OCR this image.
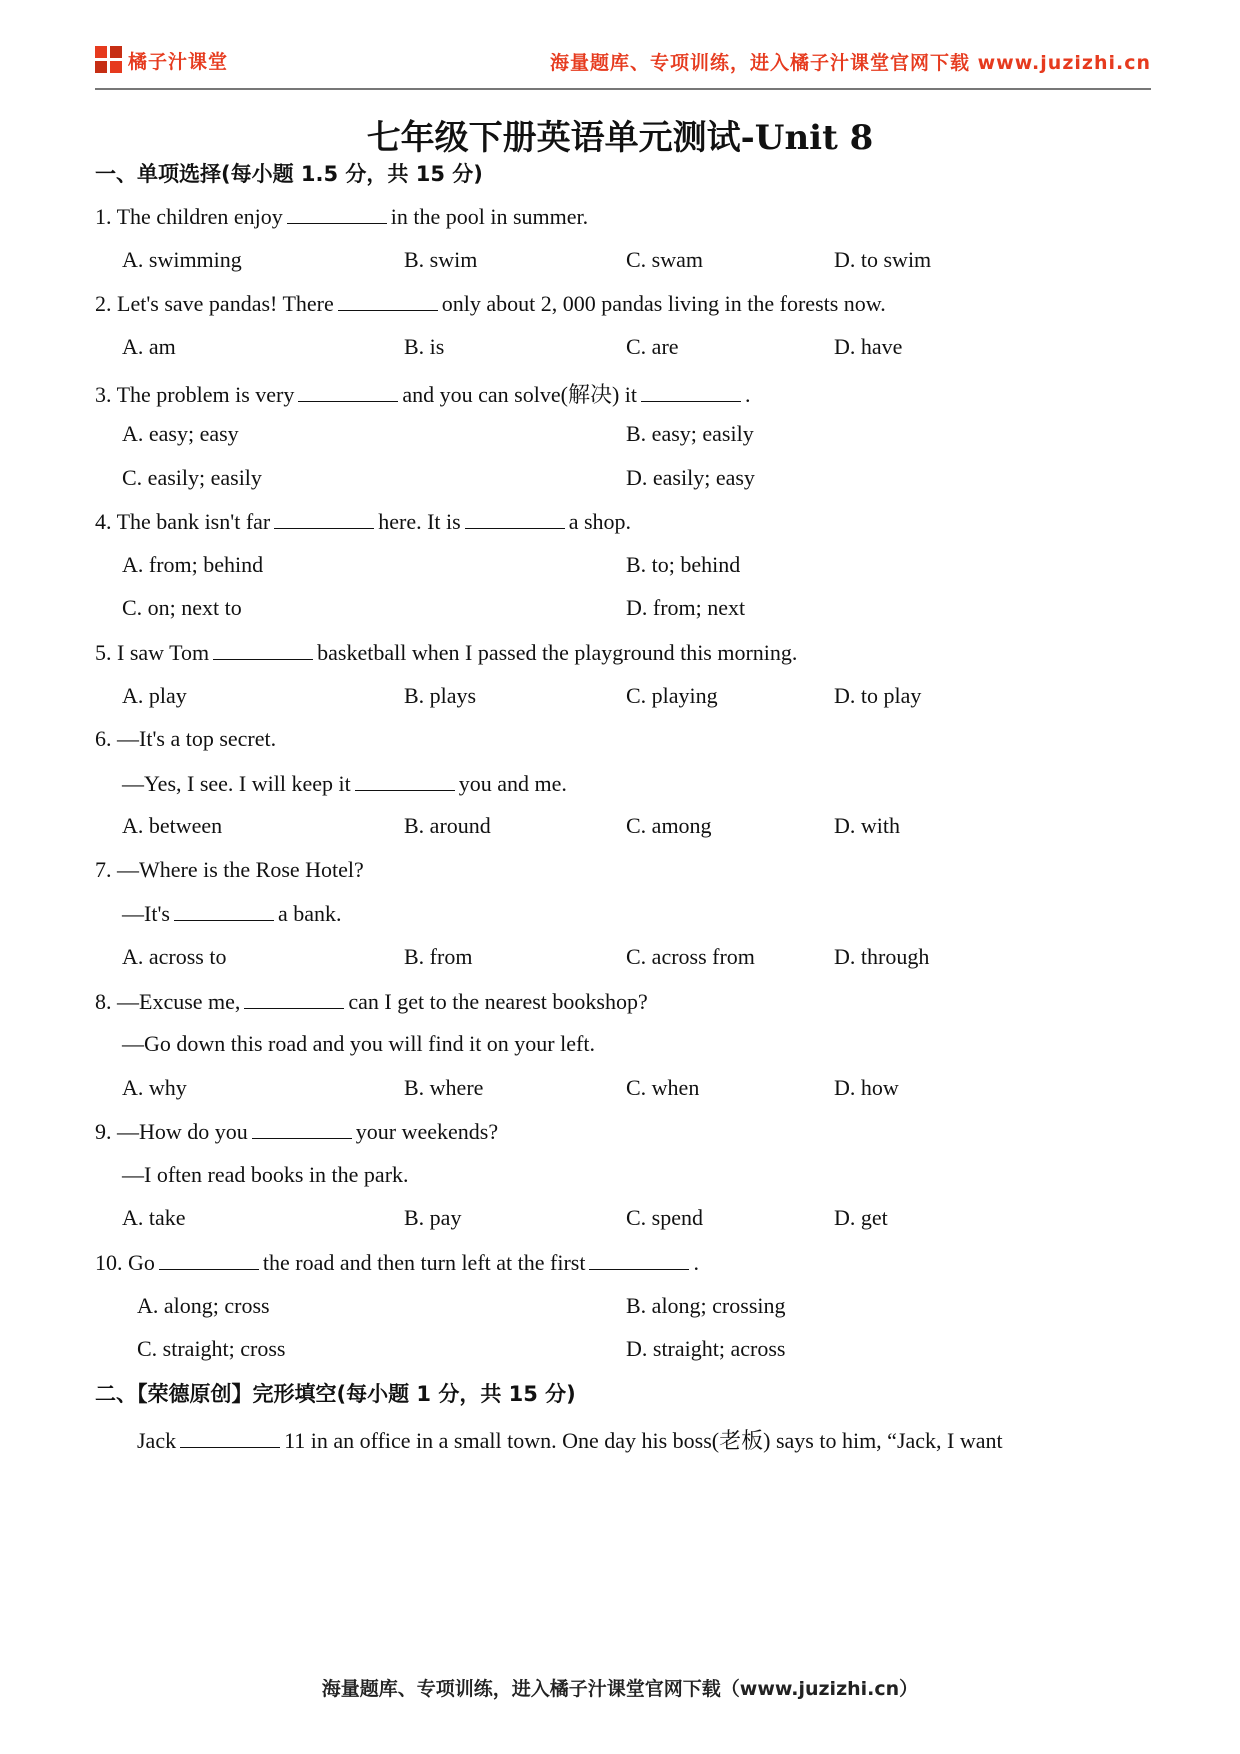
橘子汁课堂	海量题库、专项训练，进入橘子汁课堂官网下载 www.juzizhi.cn
七年级下册英语单元测试-Unit 8
一、单项选择(每小题 1.5 分，共 15 分)
1. The children enjoy	in the pool in summer.
A. swimming	B. swim	C. swam	D. to swim
2. Let's save pandas! There	only about 2, 000 pandas living in the forests now.
A. am	B. is	C. are	D. have
3. The problem is very	and you can solve(解决) it	.
A. easy; easy	B. easy; easily
C. easily; easily	D. easily; easy
4. The bank isn't far	here. It is	a shop.
A. from; behind	B. to; behind
C. on; next to	D. from; next
5. I saw Tom	basketball when I passed the playground this morning.
A. play	B. plays	C. playing	D. to play
6. —It's a top secret.
—Yes, I see. I will keep it	you and me.
A. between	B. around	C. among	D. with
7. —Where is the Rose Hotel?
—It's	a bank.
A. across to	B. from	C. across from	D. through
8. —Excuse me,	can I get to the nearest bookshop?
—Go down this road and you will find it on your left.
A. why	B. where	C. when	D. how
9. —How do you	your weekends?
—I often read books in the park.
A. take	B. pay	C. spend	D. get
10. Go	the road and then turn left at the first	.
A. along; cross	B. along; crossing
C. straight; cross	D. straight; across
二、【荣德原创】完形填空(每小题 1 分，共 15 分)
Jack	11 in an office in a small town. One day his boss(老板) says to him, “Jack, I want
海量题库、专项训练，进入橘子汁课堂官网下载（www.juzizhi.cn）
